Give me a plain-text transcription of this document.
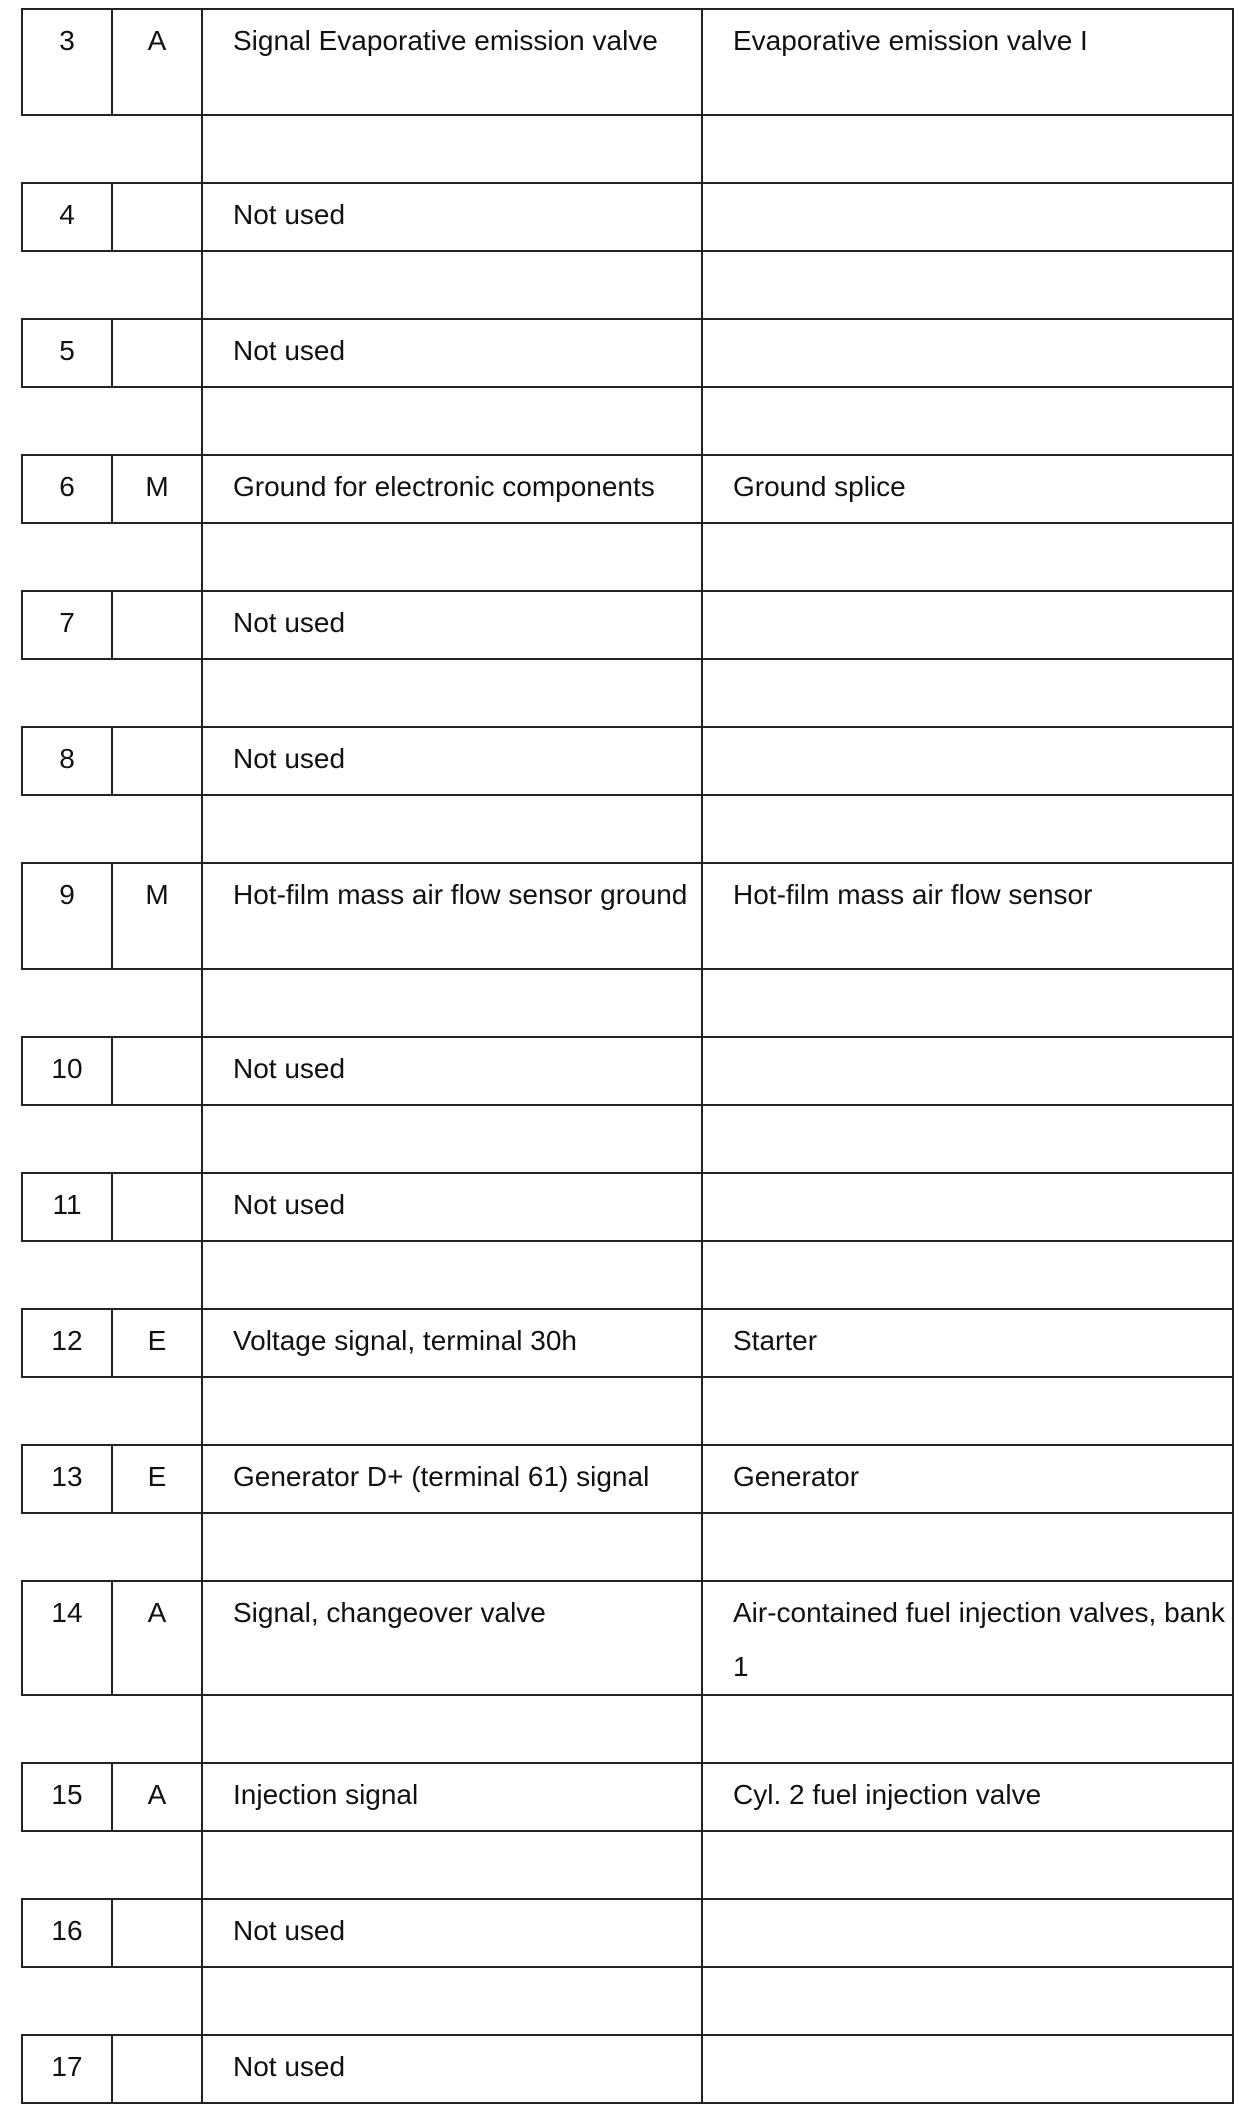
3	A	Signal Evaporative emission valve	Evaporative emission valve I

4		Not used	

5		Not used	

6	M	Ground for electronic components	Ground splice

7		Not used	

8		Not used	

9	M	Hot-film mass air flow sensor ground	Hot-film mass air flow sensor

10		Not used	

11		Not used	

12	E	Voltage signal, terminal 30h	Starter

13	E	Generator D+ (terminal 61) signal	Generator

14	A	Signal, changeover valve	Air-contained fuel injection valves, bank 1

15	A	Injection signal	Cyl. 2 fuel injection valve

16		Not used	

17		Not used	
